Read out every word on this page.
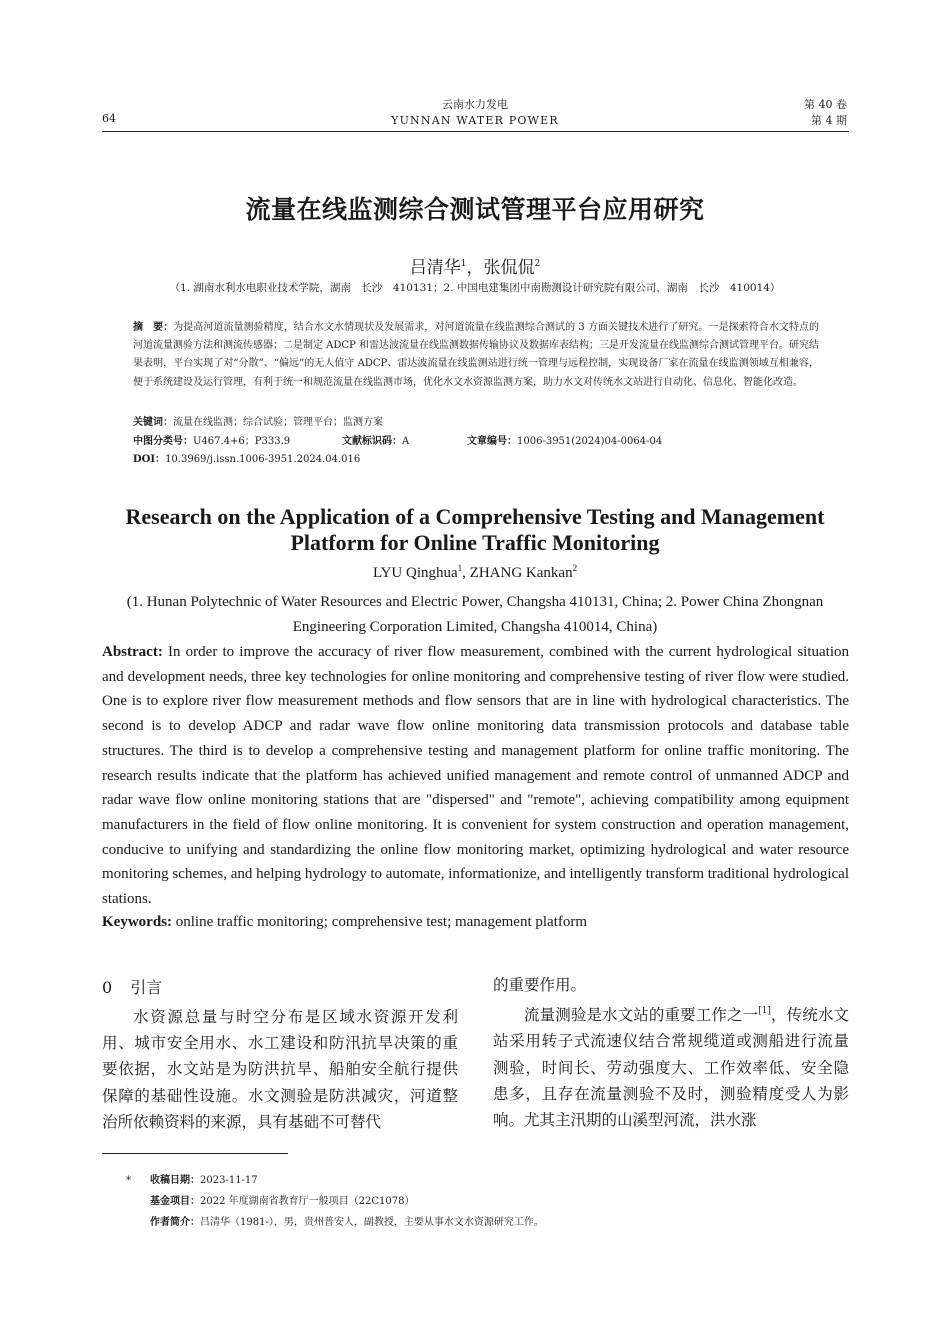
64
云南水力发电
YUNNAN WATER POWER
第 40 卷
第 4 期
流量在线监测综合测试管理平台应用研究
吕清华$^1$，张侃侃$^2$
（1. 湖南水利水电职业技术学院，湖南　长沙　410131；2. 中国电建集团中南勘测设计研究院有限公司，湖南　长沙　410014）
摘　要：为提高河道流量测验精度，结合水文水情现状及发展需求，对河道流量在线监测综合测试的 3 方面关键技术进行了研究。一是探索符合水文特点的河道流量测验方法和测流传感器；二是制定 ADCP 和雷达波流量在线监测数据传输协议及数据库表结构；三是开发流量在线监测综合测试管理平台。研究结果表明，平台实现了对“分散”、“偏远”的无人值守 ADCP、雷达波流量在线监测站进行统一管理与远程控制，实现设备厂家在流量在线监测领域互相兼容，便于系统建设及运行管理，有利于统一和规范流量在线监测市场，优化水文水资源监测方案，助力水文对传统水文站进行自动化、信息化、智能化改造。
关键词：流量在线监测；综合试验；管理平台；监测方案
中图分类号：U467.4+6；P333.9	文献标识码：A	文章编号：1006-3951(2024)04-0064-04
DOI：10.3969/j.issn.1006-3951.2024.04.016
Research on the Application of a Comprehensive Testing and Management Platform for Online Traffic Monitoring
LYU Qinghua$^1$, ZHANG Kankan$^2$
(1. Hunan Polytechnic of Water Resources and Electric Power, Changsha 410131, China; 2. Power China Zhongnan Engineering Corporation Limited, Changsha 410014, China)
Abstract: In order to improve the accuracy of river flow measurement, combined with the current hydrological situation and development needs, three key technologies for online monitoring and comprehensive testing of river flow were studied. One is to explore river flow measurement methods and flow sensors that are in line with hydrological characteristics. The second is to develop ADCP and radar wave flow online monitoring data transmission protocols and database table structures. The third is to develop a comprehensive testing and management platform for online traffic monitoring. The research results indicate that the platform has achieved unified management and remote control of unmanned ADCP and radar wave flow online monitoring stations that are "dispersed" and "remote", achieving compatibility among equipment manufacturers in the field of flow online monitoring. It is convenient for system construction and operation management, conducive to unifying and standardizing the online flow monitoring market, optimizing hydrological and water resource monitoring schemes, and helping hydrology to automate, informationize, and intelligently transform traditional hydrological stations.
Keywords: online traffic monitoring; comprehensive test; management platform
0 引言
水资源总量与时空分布是区域水资源开发利用、城市安全用水、水工建设和防汛抗旱决策的重要依据，水文站是为防洪抗旱、船舶安全航行提供保障的基础性设施。水文测验是防洪减灾，河道整治所依赖资料的来源，具有基础不可替代
的重要作用。
流量测验是水文站的重要工作之一[1]，传统水文站采用转子式流速仪结合常规缆道或测船进行流量测验，时间长、劳动强度大、工作效率低、安全隐患多，且存在流量测验不及时，测验精度受人为影响。尤其主汛期的山溪型河流，洪水涨
* 收稿日期：2023-11-17
基金项目：2022 年度湖南省教育厅一般项目（22C1078）
作者简介：吕清华（1981-），男，贵州普安人，副教授，主要从事水文水资源研究工作。
